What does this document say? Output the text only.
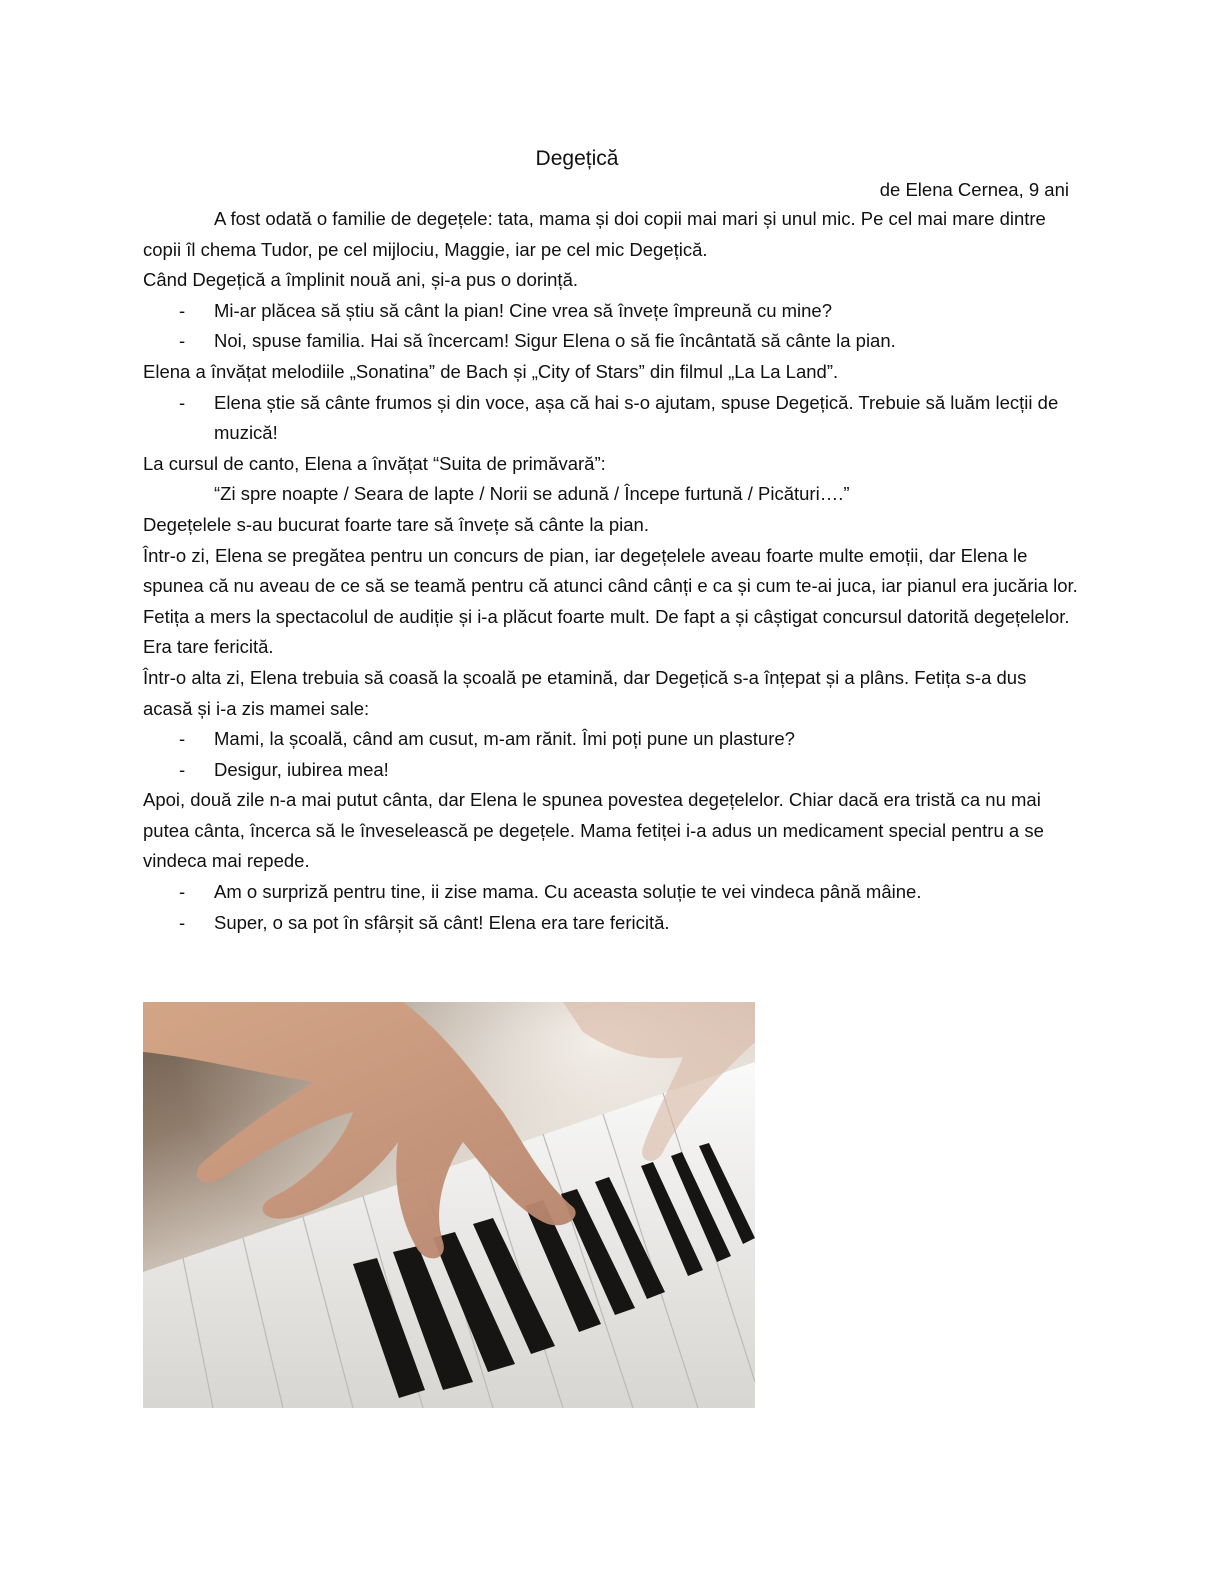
Degețică
de Elena Cernea, 9 ani

A fost odată o familie de degețele: tata, mama și doi copii mai mari și unul mic. Pe cel mai mare dintre copii îl chema Tudor, pe cel mijlociu, Maggie, iar pe cel mic Degețică.

Când Degețică a împlinit nouă ani, și-a pus o dorință.

- Mi-ar plăcea să știu să cânt la pian! Cine vrea să învețe împreună cu mine?

- Noi, spuse familia. Hai să încercam! Sigur Elena o să fie încântată să cânte la pian.

Elena a învățat melodiile „Sonatina” de Bach și „City of Stars” din filmul „La La Land”.

- Elena știe să cânte frumos și din voce, așa că hai s-o ajutam, spuse Degețică. Trebuie să luăm lecții de muzică!

La cursul de canto, Elena a învățat “Suita de primăvară”:

“Zi spre noapte / Seara de lapte / Norii se adună / Începe furtună / Picături….”

Degețelele s-au bucurat foarte tare să învețe să cânte la pian.

Într-o zi, Elena se pregătea pentru un concurs de pian, iar degețelele aveau foarte multe emoții, dar Elena le spunea că nu aveau de ce să se teamă pentru că atunci când cânți e ca și cum te-ai juca, iar pianul era jucăria lor.

Fetița a mers la spectacolul de audiție și i-a plăcut foarte mult. De fapt a și câștigat concursul datorită degețelelor. Era tare fericită.

Într-o alta zi, Elena trebuia să coasă la școală pe etamină, dar Degețică s-a înțepat și a plâns. Fetița s-a dus acasă și i-a zis mamei sale:

- Mami, la școală, când am cusut, m-am rănit. Îmi poți pune un plasture?

- Desigur, iubirea mea!

Apoi, două zile n-a mai putut cânta, dar Elena le spunea povestea degețelelor. Chiar dacă era tristă ca nu mai putea cânta, încerca să le înveselească pe degețele. Mama fetiței i-a adus un medicament special pentru a se vindeca mai repede.

- Am o surpriză pentru tine, ii zise mama. Cu aceasta soluție te vei vindeca până mâine.

- Super, o sa pot în sfârșit să cânt! Elena era tare fericită.
